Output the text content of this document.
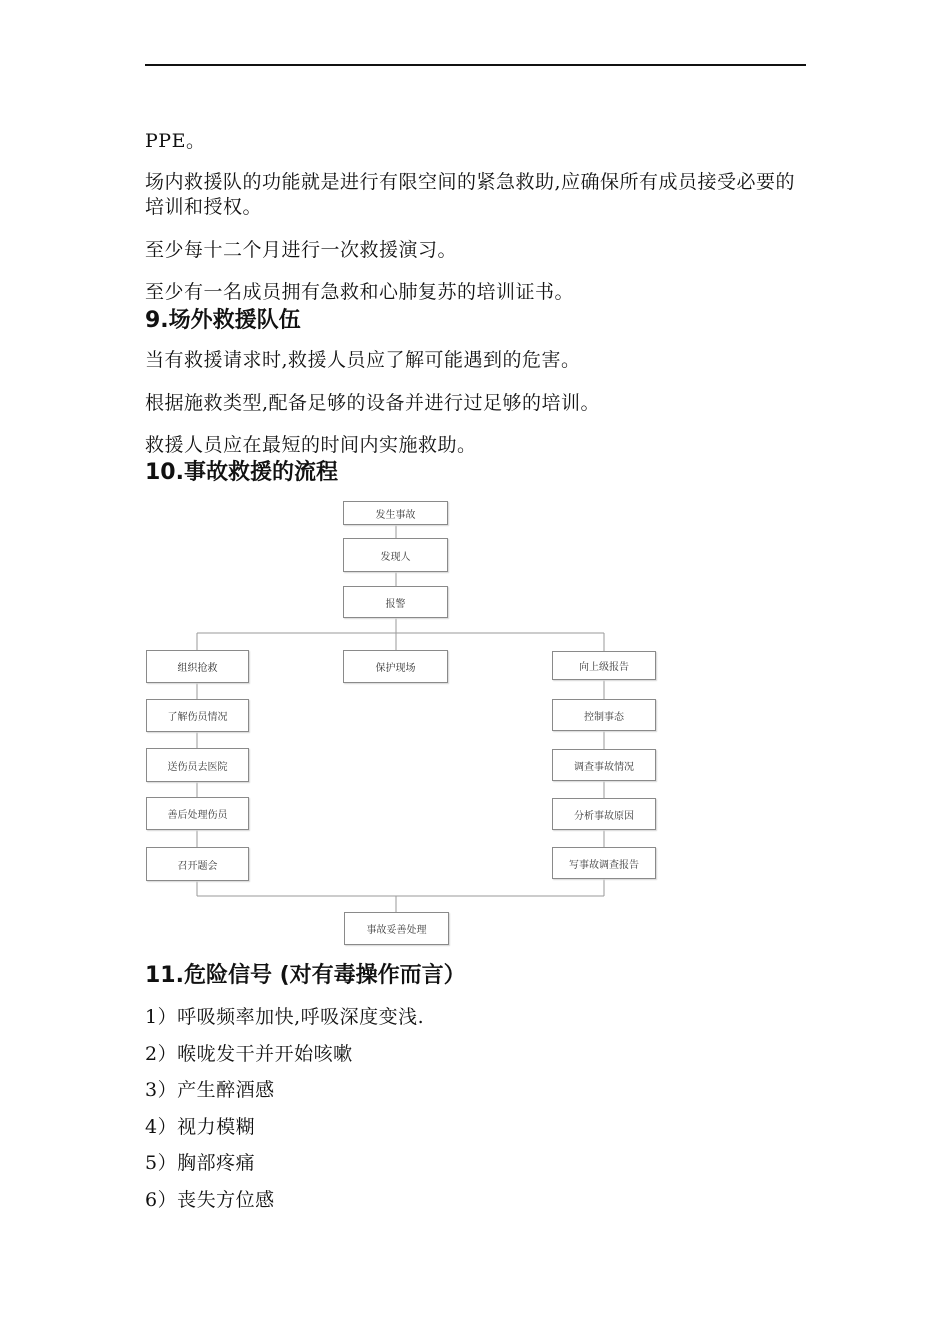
PPE。
场内救援队的功能就是进行有限空间的紧急救助,应确保所有成员接受必要的培训和授权。
至少每十二个月进行一次救援演习。
至少有一名成员拥有急救和心肺复苏的培训证书。
9.场外救援队伍
当有救援请求时,救援人员应了解可能遇到的危害。
根据施救类型,配备足够的设备并进行过足够的培训。
救援人员应在最短的时间内实施救助。
10.事故救援的流程
发生事故
发现人
报警
组织抢救
了解伤员情况
送伤员去医院
善后处理伤员
召开题会
保护现场	向上级报告
控制事态
调查事故情况
分析事故原因
写事故调查报告
事故妥善处理
11.危险信号 (对有毒操作而言）
1）呼吸频率加快,呼吸深度变浅.
2）喉咙发干并开始咳嗽
3）产生醉酒感
4）视力模糊
5）胸部疼痛
6）丧失方位感
